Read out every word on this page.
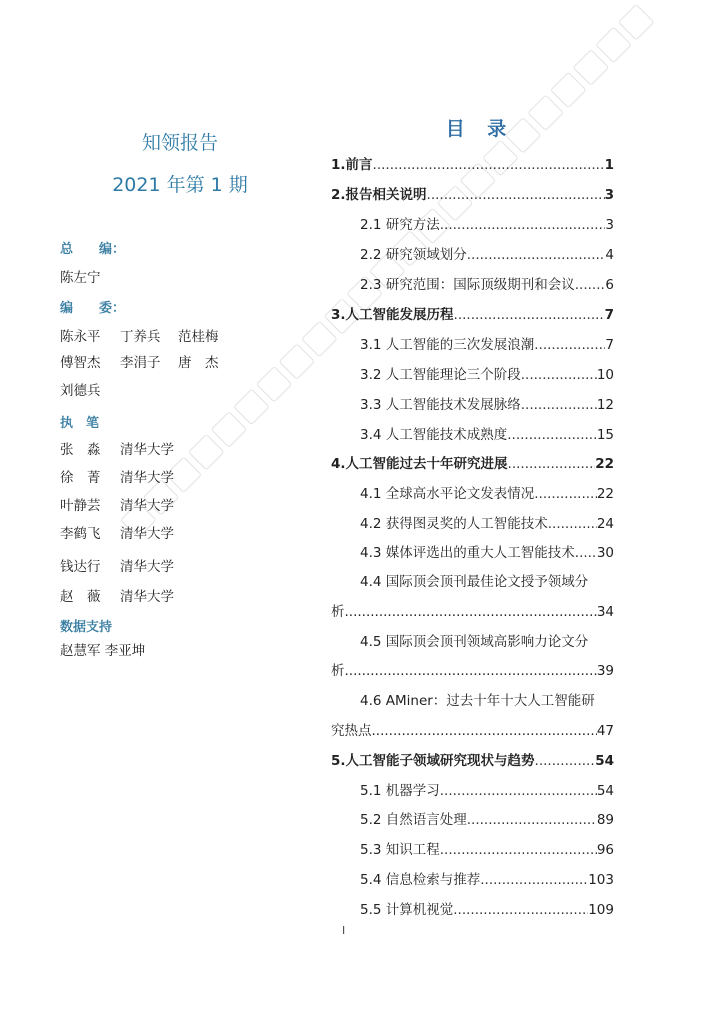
知领报告
2021 年第 1 期
总 编：
陈左宁
编 委：
陈永平 丁养兵 范桂梅
傅智杰 李涓子 唐　杰
刘德兵
执　笔
张　淼 清华大学
徐　菁 清华大学
叶静芸 清华大学
李鹤飞 清华大学
钱达行 清华大学
赵　薇 清华大学
数据支持
赵慧军 李亚坤
目 录
1.前言 .....	1
2.报告相关说明 .....	3
2.1 研究方法 .....	3
2.2 研究领域划分 .....	4
2.3 研究范围：国际顶级期刊和会议 ..... 6
3.人工智能发展历程 .....	7
3.1 人工智能的三次发展浪潮 .....	7
3.2 人工智能理论三个阶段 .....	10
3.3 人工智能技术发展脉络 .....	12
3.4 人工智能技术成熟度 .....	15
4.人工智能过去十年研究进展 .....	22
4.1 全球高水平论文发表情况 .....	22
4.2 获得图灵奖的人工智能技术 .....	24
4.3 媒体评选出的重大人工智能技术. ..... 30
4.4 国际顶会顶刊最佳论文授予领域分
析 .....	34
4.5 国际顶会顶刊领域高影响力论文分
析 .....	39
4.6 AMiner：过去十年十大人工智能研
究热点 .....	47
5.人工智能子领域研究现状与趋势 .....	54
5.1 机器学习 .....	54
5.2 自然语言处理 .....	89
5.3 知识工程 .....	96
5.4 信息检索与推荐 .....	103
5.5 计算机视觉 .....	109
I
